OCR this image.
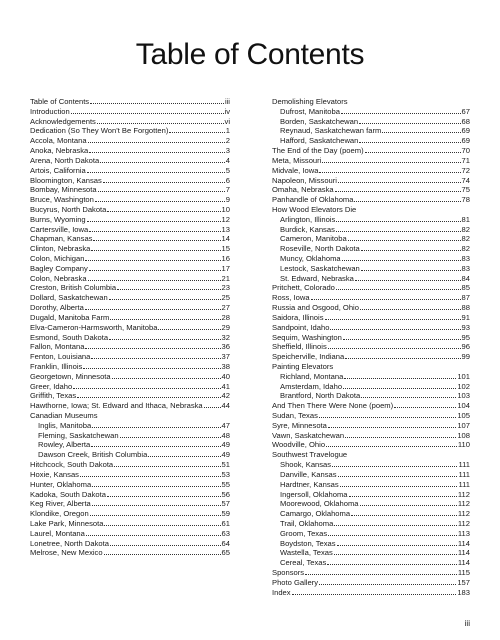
Table of Contents
Table of Contents	iii
Introduction	iv
Acknowledgements	vi
Dedication (So They Won't Be Forgotten)	1
Accola, Montana	2
Anoka, Nebraska	3
Arena, North Dakota	4
Artois, California	5
Bloomington, Kansas	6
Bombay, Minnesota	7
Bruce, Washington	9
Bucyrus, North Dakota	10
Burns, Wyoming	12
Cartersville, Iowa	13
Chapman, Kansas	14
Clinton, Nebraska	15
Colon, Michigan	16
Bagley Company	17
Colon, Nebraska	21
Creston, British Columbia	23
Dollard, Saskatchewan	25
Dorothy, Alberta	27
Dugald, Manitoba Farm	28
Elva-Cameron-Harmsworth, Manitoba	29
Esmond, South Dakota	32
Fallon, Montana	36
Fenton, Louisiana	37
Franklin, Illinois	38
Georgetown, Minnesota	40
Greer, Idaho	41
Griffith, Texas	42
Hawthorne, Iowa; St. Edward and Ithaca, Nebraska 44
Canadian Museums
Inglis, Manitoba	47
Fleming, Saskatchewan	48
Rowley, Alberta	49
Dawson Creek, British Columbia	49
Hitchcock, South Dakota	51
Hoxie, Kansas	53
Hunter, Oklahoma	55
Kadoka, South Dakota	56
Keg River, Alberta	57
Klondike, Oregon	59
Lake Park, Minnesota	61
Laurel, Montana	63
Lonetree, North Dakota	64
Melrose, New Mexico	65
Demolishing Elevators
Dufrost, Manitoba	67
Borden, Saskatchewan	68
Reynaud, Saskatchewan farm	69
Hafford, Saskatchewan	69
The End of the Day (poem)	70
Meta, Missouri	71
Midvale, Iowa	72
Napoleon, Missouri	74
Omaha, Nebraska	75
Panhandle of Oklahoma	78
How Wood Elevators Die
Arlington, Illinois	81
Burdick, Kansas	82
Cameron, Manitoba	82
Roseville, North Dakota	82
Muncy, Oklahoma	83
Lestock, Saskatchewan	83
St. Edward, Nebraska	84
Pritchett, Colorado	85
Ross, Iowa	87
Russia and Osgood, Ohio	88
Saidora, Illinois	91
Sandpoint, Idaho	93
Sequim, Washington	95
Sheffield, Illinois	96
Speicherville, Indiana	99
Painting Elevators
Richland, Montana	101
Amsterdam, Idaho	102
Brantford, North Dakota	103
And Then There Were None (poem)	104
Sudan, Texas	105
Syre, Minnesota	107
Vawn, Saskatchewan	108
Woodville, Ohio	110
Southwest Travelogue
Shook, Kansas	111
Danville, Kansas	111
Hardtner, Kansas	111
Ingersoll, Oklahoma	112
Moorewood, Oklahoma	112
Camargo, Oklahoma	112
Trail, Oklahoma	112
Groom, Texas	113
Boydston, Texas	114
Wastella, Texas	114
Cereal, Texas	114
Sponsors	115
Photo Gallery	157
Index	183
iii
